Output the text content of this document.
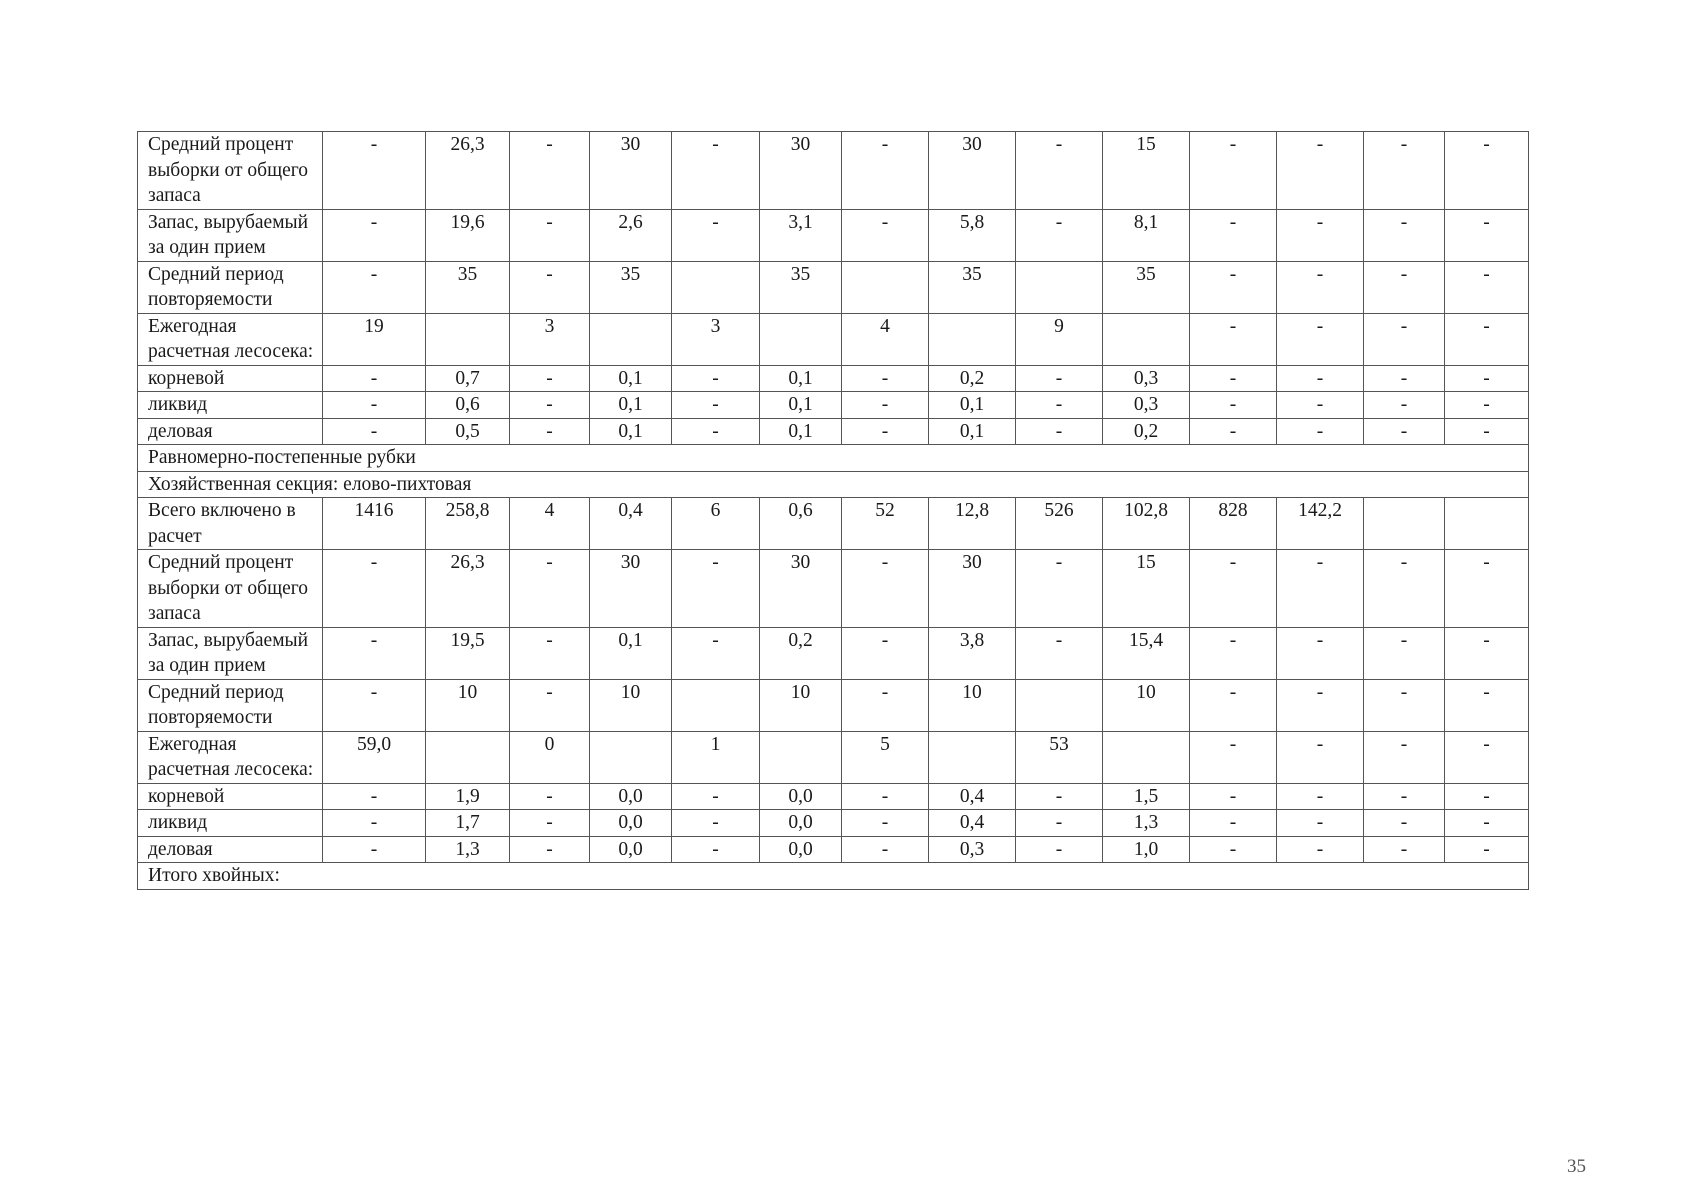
Средний процент выборки от общего запаса	-	26,3	-	30	-	30	-	30	-	15	-	-	-	-
Запас, вырубаемый за один прием	-	19,6	-	2,6	-	3,1	-	5,8	-	8,1	-	-	-	-
Средний период повторяемости	-	35	-	35		35		35		35	-	-	-	-
Ежегодная расчетная лесосека:	19		3		3		4		9		-	-	-	-
корневой	-	0,7	-	0,1	-	0,1	-	0,2	-	0,3	-	-	-	-
ликвид	-	0,6	-	0,1	-	0,1	-	0,1	-	0,3	-	-	-	-
деловая	-	0,5	-	0,1	-	0,1	-	0,1	-	0,2	-	-	-	-
Равномерно-постепенные рубки														
Хозяйственная секция: елово-пихтовая														
Всего включено в расчет	1416	258,8	4	0,4	6	0,6	52	12,8	526	102,8	828	142,2		
Средний процент выборки от общего запаса	-	26,3	-	30	-	30	-	30	-	15	-	-	-	-
Запас, вырубаемый за один прием	-	19,5	-	0,1	-	0,2	-	3,8	-	15,4	-	-	-	-
Средний период повторяемости	-	10	-	10		10	-	10		10	-	-	-	-
Ежегодная расчетная лесосека:	59,0		0		1		5		53		-	-	-	-
корневой	-	1,9	-	0,0	-	0,0	-	0,4	-	1,5	-	-	-	-
ликвид	-	1,7	-	0,0	-	0,0	-	0,4	-	1,3	-	-	-	-
деловая	-	1,3	-	0,0	-	0,0	-	0,3	-	1,0	-	-	-	-
Итого хвойных:														
35
